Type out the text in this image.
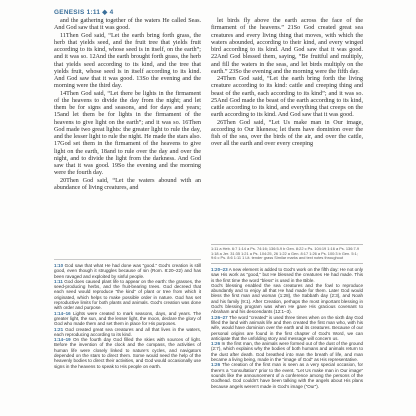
GENESIS 1:11 ◆ 4

and the gathering together of the waters He called Seas. And God saw that it was good.

11Then God said, “Let the earth bring forth grass, the herb that yields seed, and the fruit tree that yields fruit according to its kind, whose seed is in itself, on the earth”; and it was so. 12And the earth brought forth grass, the herb that yields seed according to its kind, and the tree that yields fruit, whose seed is in itself according to its kind. And God saw that it was good. 13So the evening and the morning were the third day.

14Then God said, “Let there be lights in the firmament of the heavens to divide the day from the night; and let them be for signs and seasons, and for days and years; 15and let them be for lights in the firmament of the heavens to give light on the earth”; and it was so. 16Then God made two great lights: the greater light to rule the day, and the lesser light to rule the night. He made the stars also. 17God set them in the firmament of the heavens to give light on the earth, 18and to rule over the day and over the night, and to divide the light from the darkness. And God saw that it was good. 19So the evening and the morning were the fourth day.

20Then God said, “Let the waters abound with an abundance of living creatures, and

let birds fly above the earth across the face of the firmament of the heavens.” 21So God created great sea creatures and every living thing that moves, with which the waters abounded, according to their kind, and every winged bird according to its kind. And God saw that it was good. 22And God blessed them, saying, “Be fruitful and multiply, and fill the waters in the seas, and let birds multiply on the earth.” 23So the evening and the morning were the fifth day.

24Then God said, “Let the earth bring forth the living creature according to its kind: cattle and creeping thing and beast of the earth, each according to its kind”; and it was so. 25And God made the beast of the earth according to its kind, cattle according to its kind, and everything that creeps on the earth according to its kind. And God saw that it was good.

26Then God said, “Let Us make man in Our image, according to Our likeness; let them have dominion over the fish of the sea, over the birds of the air, and over the cattle, over all the earth and over every creeping

1:11 a Heb. 6:7 1:14 a Ps. 74:16; 136:5-9 b Gen. 8:22 c Ps. 104:19 1:16 a Ps. 136:7-9 1:18 a Jer. 31:35 1:21 a Ps. 104:25, 26 1:22 a Gen. 8:17 1:26 a Ps. 100:3 b Gen. 5:1; 9:6 c Ps. 8:6 1:11 1 Lit. tender grass Similar marks and text notes throughout

1:10 God saw that what He had done was “good.” God’s creation is still good, even though it struggles because of sin (Rom. 8:20–22) and has been ravaged and exploited by sinful people.

1:11 God does caused plant life to appear on the earth: the grasses, the seed-producing herbs, and the fruit-bearing trees. God decreed that each seed would reproduce “the kind” of plant or tree from which it originated, which helps to make possible order in nature. God has set reproductive limits for both plants and animals. God’s creation was done with order and purpose.

1:14–16 Lights were created to mark seasons, days, and years. The greater light, the sun, and the lesser light, the moon, declare the glory of God who made them and set them in place for His purposes.

1:21 God created great sea creatures and all that lives in the waters, each reproducing according to its kind.

1:14–19 On the fourth day God filled the skies with sources of light. Before the invention of the clock and the compass, the activities of human life were closely linked to nature’s cycles, and navigators depended on the stars to direct them. Some would need the help of the heavenly bodies to direct their activities, and God would occasionally use signs in the heavens to speak to His people on earth.

1:20–23 A new element is added to God’s work on the fifth day: He not only saw His work as “good,” but He blessed the creatures He had made. This is the first time the word “bless” is used in the Bible.

God’s blessing enabled the sea creatures and the fowl to reproduce abundantly and to enjoy all that He had made for them. Later God would bless the first man and woman (1:28), the Sabbath day (2:3), and Noah and his family (9:1). After Creation, perhaps the most important blessing in God’s blessing program was when He gave His gracious covenant to Abraham and his descendants (12:1–3).

1:26–27 The word “created” is used three times when on the sixth day God filled the land with animals life and then created the first man who, with his wife, would have dominion over the earth and its creatures. Because of our personal origins are found in the first chapter of God’s Word, we can anticipate that the unfolding story and message will concern us.

1:26 In the first man, the animals were formed out of the dust of the ground (2:7), which explains why the bodies of both humans and animals return to the dust after death. God breathed into man the breath of life, and man became a living being, made in the “image of God” as His representative.

1:26 The creation of the first man is seen as a very special occasion, for there’s a “consultation” prior to the event. “Let Us make man in Our image” sounds like the announcement of a conference among the persons of the Godhead. God couldn’t have been talking with the angels about His plans because angels weren’t made in God’s image (“Our”).
